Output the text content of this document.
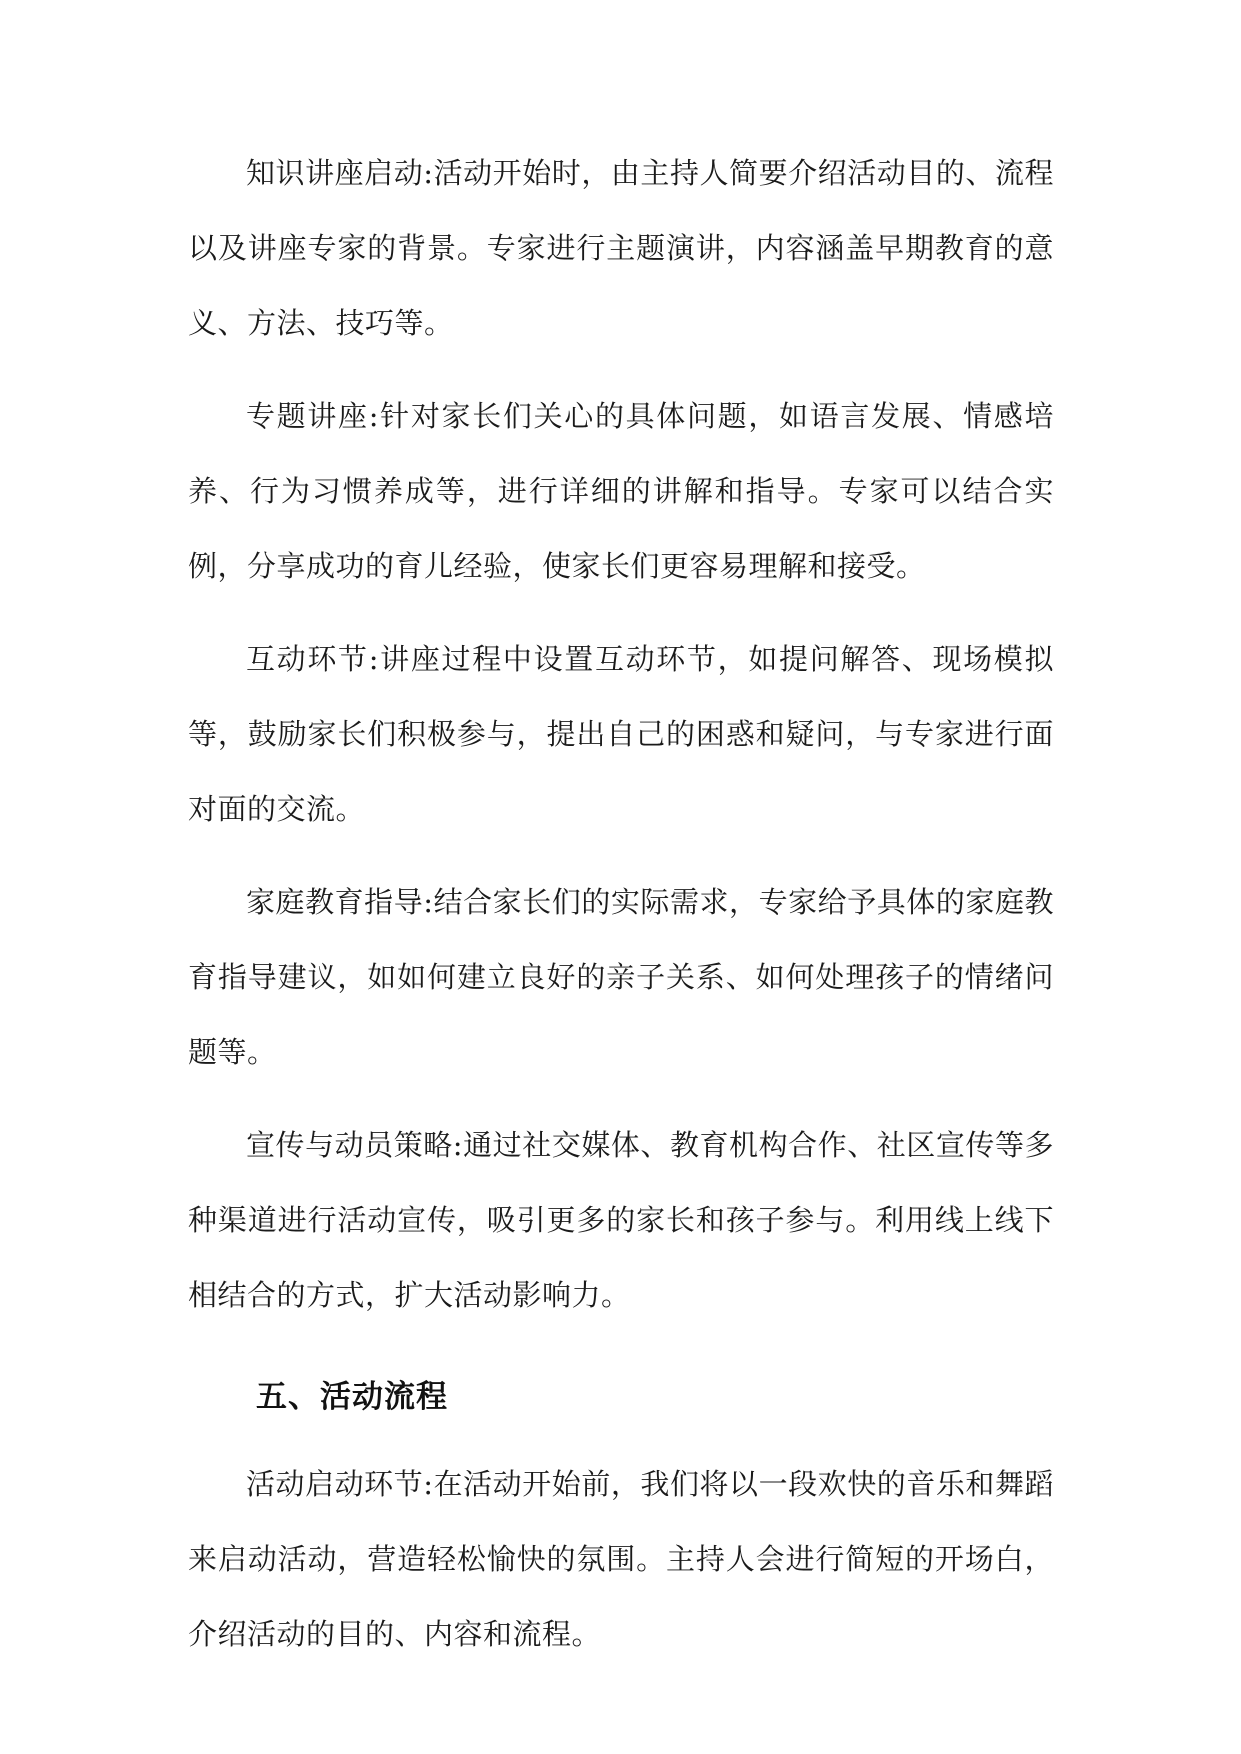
知识讲座启动:活动开始时，由主持人简要介绍活动目的、流程以及讲座专家的背景。专家进行主题演讲，内容涵盖早期教育的意义、方法、技巧等。

专题讲座:针对家长们关心的具体问题，如语言发展、情感培养、行为习惯养成等，进行详细的讲解和指导。专家可以结合实例，分享成功的育儿经验，使家长们更容易理解和接受。

互动环节:讲座过程中设置互动环节，如提问解答、现场模拟等，鼓励家长们积极参与，提出自己的困惑和疑问，与专家进行面对面的交流。

家庭教育指导:结合家长们的实际需求，专家给予具体的家庭教育指导建议，如如何建立良好的亲子关系、如何处理孩子的情绪问题等。

宣传与动员策略:通过社交媒体、教育机构合作、社区宣传等多种渠道进行活动宣传，吸引更多的家长和孩子参与。利用线上线下相结合的方式，扩大活动影响力。

五、活动流程

活动启动环节:在活动开始前，我们将以一段欢快的音乐和舞蹈来启动活动，营造轻松愉快的氛围。主持人会进行简短的开场白，介绍活动的目的、内容和流程。
